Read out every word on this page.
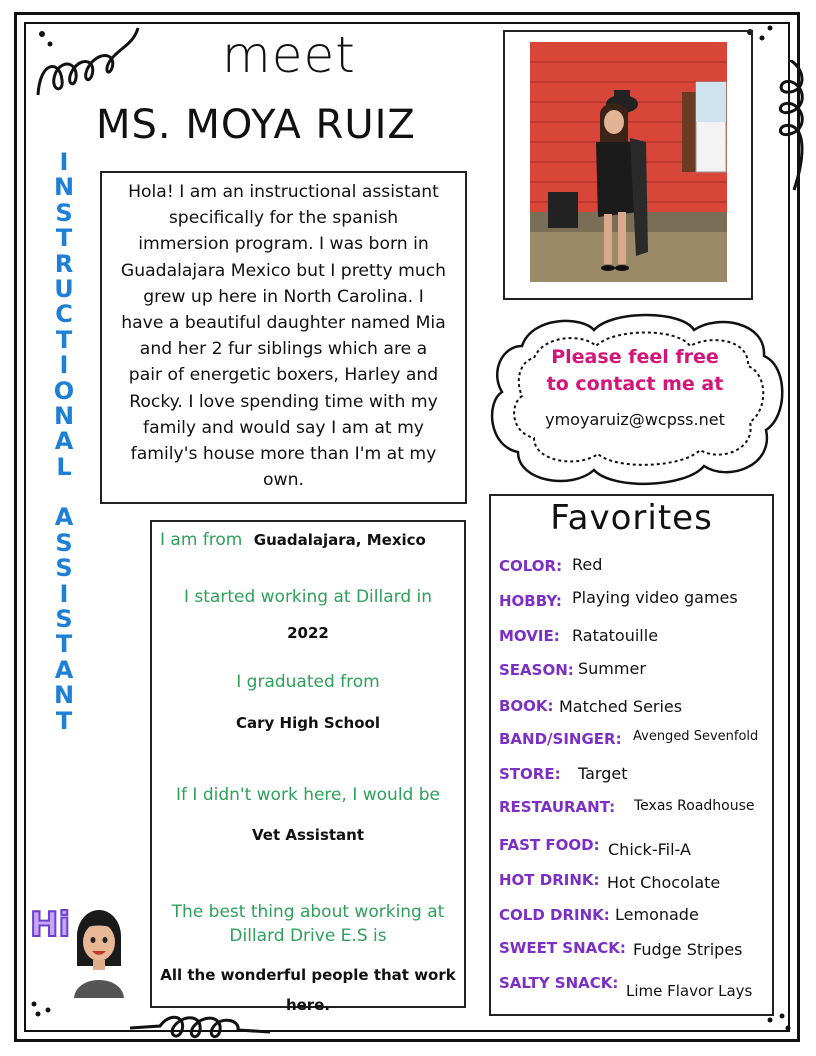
meet
MS. MOYA RUIZ
I
N
S
T
R
U
C
T
I
O
N
A
L
A
S
S
I
S
T
A
N
T
Hola! I am an instructional assistant
specifically for the spanish
immersion program. I was born in
Guadalajara Mexico but I pretty much
grew up here in North Carolina. I
have a beautiful daughter named Mia
and her 2 fur siblings which are a
pair of energetic boxers, Harley and
Rocky. I love spending time with my
family and would say I am at my
family's house more than I'm at my
own.
Please feel free
to contact me at
ymoyaruiz@wcpss.net
I am from Guadalajara, Mexico
I started working at Dillard in
2022
I graduated from
Cary High School
If I didn't work here, I would be
Vet Assistant
The best thing about working at
Dillard Drive E.S is
All the wonderful people that work
here.
Hi
Favorites
COLOR: Red
HOBBY: Playing video games
MOVIE: Ratatouille
SEASON: Summer
BOOK: Matched Series
BAND/SINGER: Avenged Sevenfold
STORE: Target
RESTAURANT: Texas Roadhouse
FAST FOOD: Chick-Fil-A
HOT DRINK: Hot Chocolate
COLD DRINK: Lemonade
SWEET SNACK: Fudge Stripes
SALTY SNACK: Lime Flavor Lays
